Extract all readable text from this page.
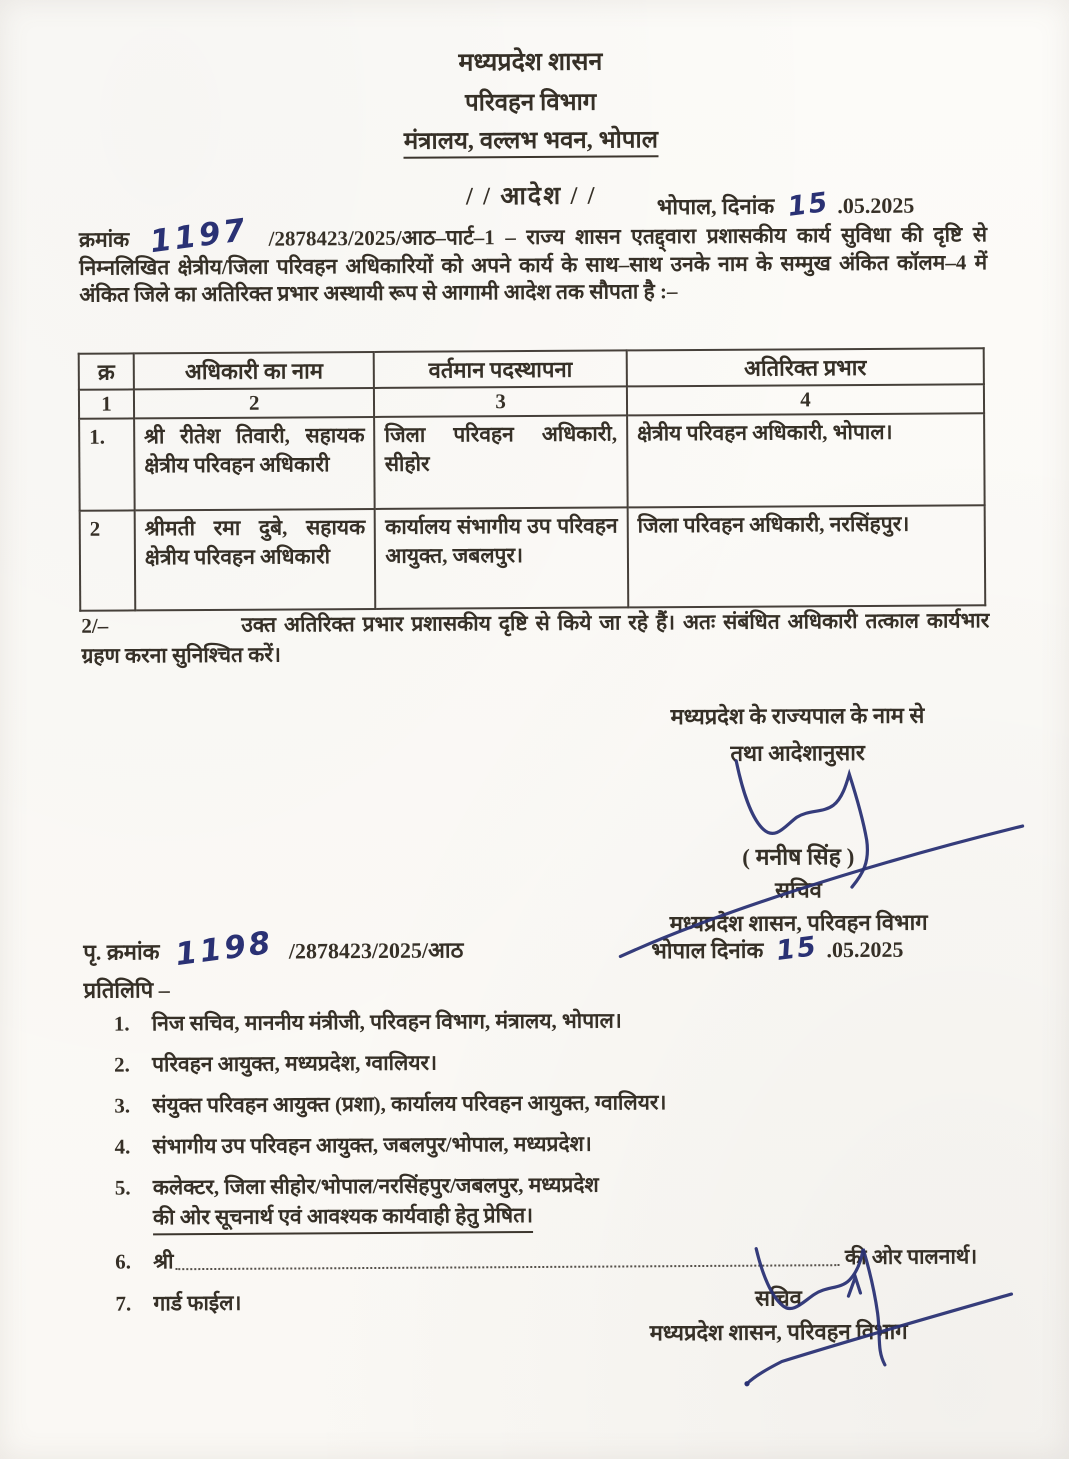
मध्यप्रदेश शासन
परिवहन विभाग
मंत्रालय, वल्लभ भवन, भोपाल
/ / आदेश / /	भोपाल, दिनांक 15 .05.2025
क्रमांक 1197 /2878423/2025/आठ–पार्ट–1 – राज्य शासन एतद्द्वारा प्रशासकीय कार्य सुविधा की दृष्टि से निम्नलिखित क्षेत्रीय/जिला परिवहन अधिकारियों को अपने कार्य के साथ–साथ उनके नाम के सम्मुख अंकित कॉलम–4 में अंकित जिले का अतिरिक्त प्रभार अस्थायी रूप से आगामी आदेश तक सौपता है :–
क्र	अधिकारी का नाम	वर्तमान पदस्थापना	अतिरिक्त प्रभार
1	2	3	4
1.	श्री रीतेश तिवारी, सहायक क्षेत्रीय परिवहन अधिकारी	जिला परिवहन अधिकारी, सीहोर	क्षेत्रीय परिवहन अधिकारी, भोपाल।
2	श्रीमती रमा दुबे, सहायक क्षेत्रीय परिवहन अधिकारी	कार्यालय संभागीय उप परिवहन आयुक्त, जबलपुर।	जिला परिवहन अधिकारी, नरसिंहपुर।
2/–	उक्त अतिरिक्त प्रभार प्रशासकीय दृष्टि से किये जा रहे हैं। अतः संबंधित अधिकारी तत्काल कार्यभार ग्रहण करना सुनिश्चित करें।
मध्यप्रदेश के राज्यपाल के नाम से
तथा आदेशानुसार
( मनीष सिंह )
सचिव
मध्यप्रदेश शासन, परिवहन विभाग
पृ. क्रमांक 1198 /2878423/2025/आठ	भोपाल दिनांक 15 .05.2025
प्रतिलिपि –
1.	निज सचिव, माननीय मंत्रीजी, परिवहन विभाग, मंत्रालय, भोपाल।
2.	परिवहन आयुक्त, मध्यप्रदेश, ग्वालियर।
3.	संयुक्त परिवहन आयुक्त (प्रशा), कार्यालय परिवहन आयुक्त, ग्वालियर।
4.	संभागीय उप परिवहन आयुक्त, जबलपुर/भोपाल, मध्यप्रदेश।
5.	कलेक्टर, जिला सीहोर/भोपाल/नरसिंहपुर/जबलपुर, मध्यप्रदेश
की ओर सूचनार्थ एवं आवश्यक कार्यवाही हेतु प्रेषित।
6.	श्री	की ओर पालनार्थ।
7.	गार्ड फाईल।	सचिव
मध्यप्रदेश शासन, परिवहन विभाग
